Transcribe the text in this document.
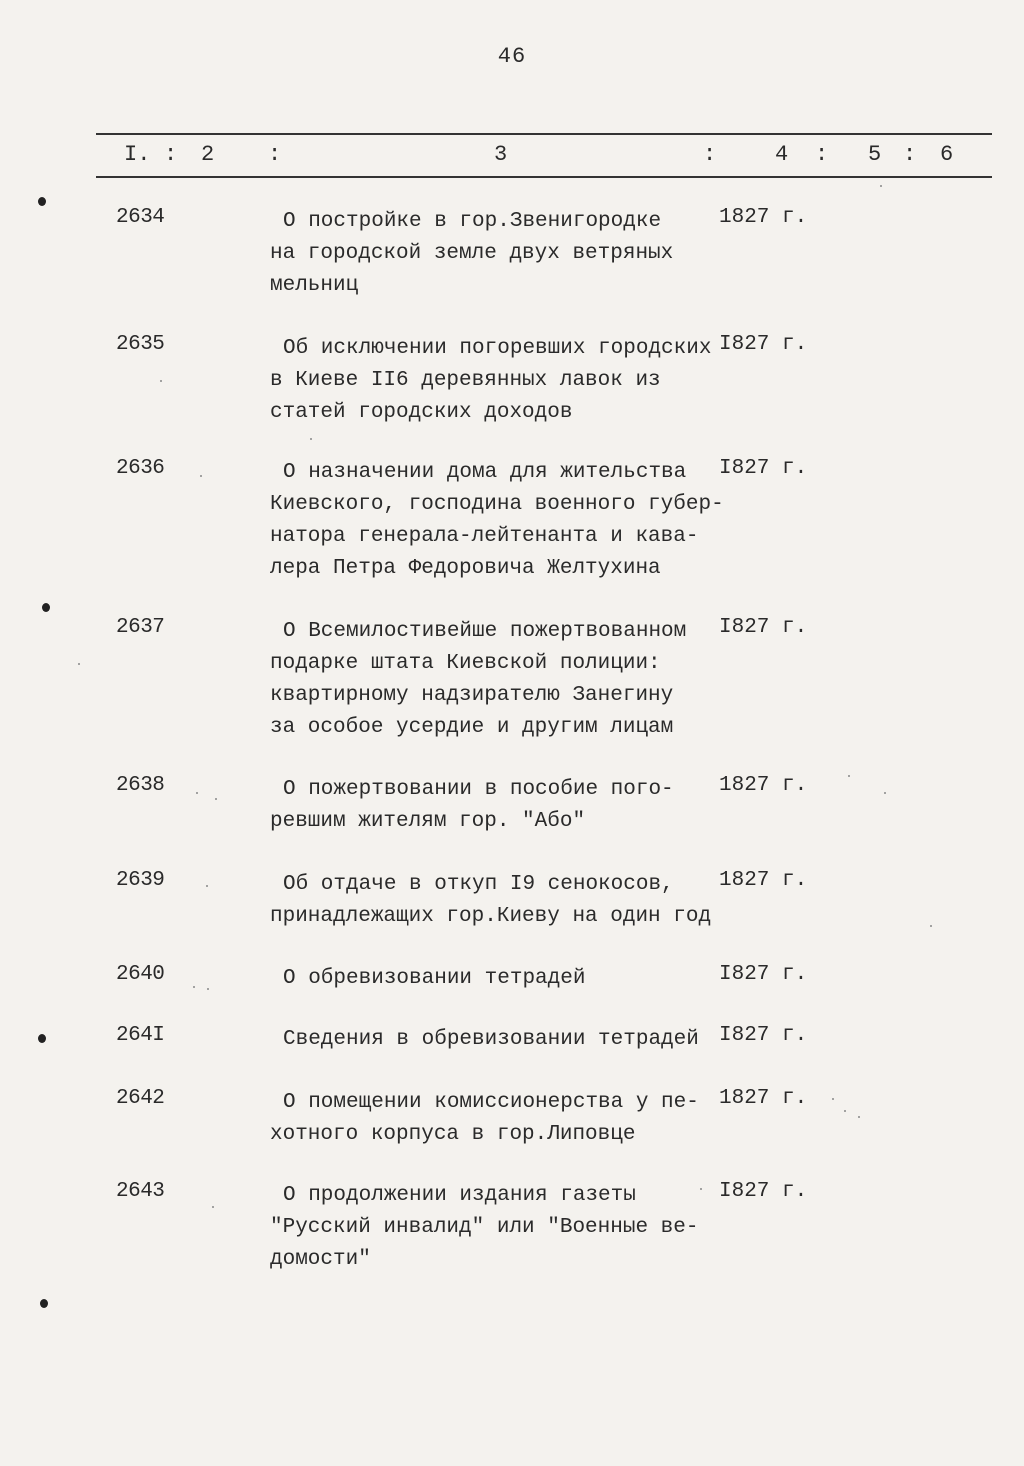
46
I. : 2 :	3	:	4 : 5 : 6
2634	О постройке в гор.Звенигородке
на городской земле двух ветряных
мельниц
1827 г.
2635	Об исключении погоревших городских
в Киеве II6 деревянных лавок из
статей городских доходов
I827 г.
2636	О назначении дома для жительства
Киевского, господина военного губер-
натора генерала-лейтенанта и кава-
лера Петра Федоровича Желтухина
I827 г.
2637	О Всемилостивейше пожертвованном
подарке штата Киевской полиции:
квартирному надзирателю Занегину
за особое усердие и другим лицам
I827 г.
2638	О пожертвовании в пособие пого-
ревшим жителям гор. "Або"
1827 г.
2639	Об отдаче в откуп I9 сенокосов,
принадлежащих гор.Киеву на один год
1827 г.
2640	О обревизовании тетрадей	I827 г.
264I	Сведения в обревизовании тетрадей I827 г.
2642	О помещении комиссионерства у пе-
хотного корпуса в гор.Липовце
1827 г.
2643	О продолжении издания газеты
"Русский инвалид" или "Военные ве-
домости"
I827 г.
